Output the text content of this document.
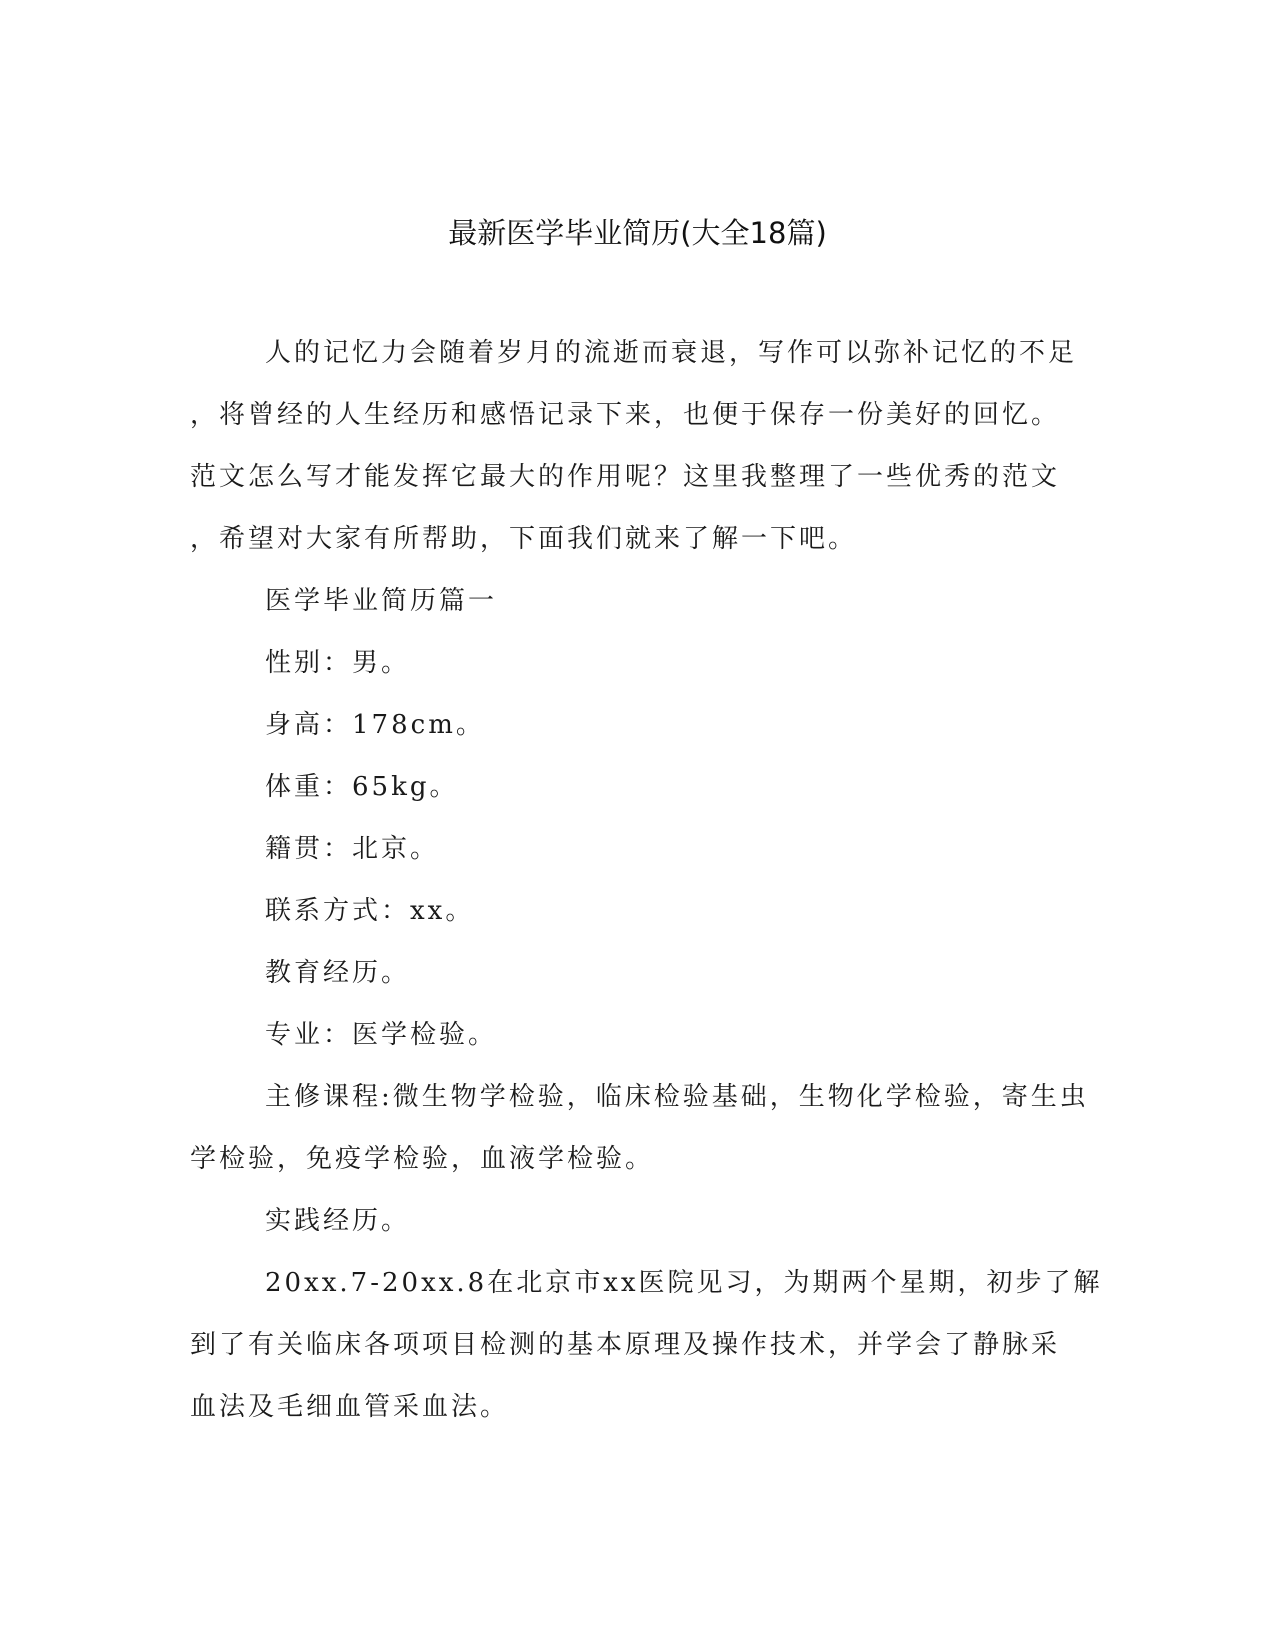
最新医学毕业简历(大全18篇)
人的记忆力会随着岁月的流逝而衰退，写作可以弥补记忆的不足
，将曾经的人生经历和感悟记录下来，也便于保存一份美好的回忆。
范文怎么写才能发挥它最大的作用呢？这里我整理了一些优秀的范文
，希望对大家有所帮助，下面我们就来了解一下吧。
医学毕业简历篇一
性别：男。
身高：178cm。
体重：65kg。
籍贯：北京。
联系方式：xx。
教育经历。
专业：医学检验。
主修课程:微生物学检验，临床检验基础，生物化学检验，寄生虫
学检验，免疫学检验，血液学检验。
实践经历。
20xx.7-20xx.8在北京市xx医院见习，为期两个星期，初步了解
到了有关临床各项项目检测的基本原理及操作技术，并学会了静脉采
血法及毛细血管采血法。
